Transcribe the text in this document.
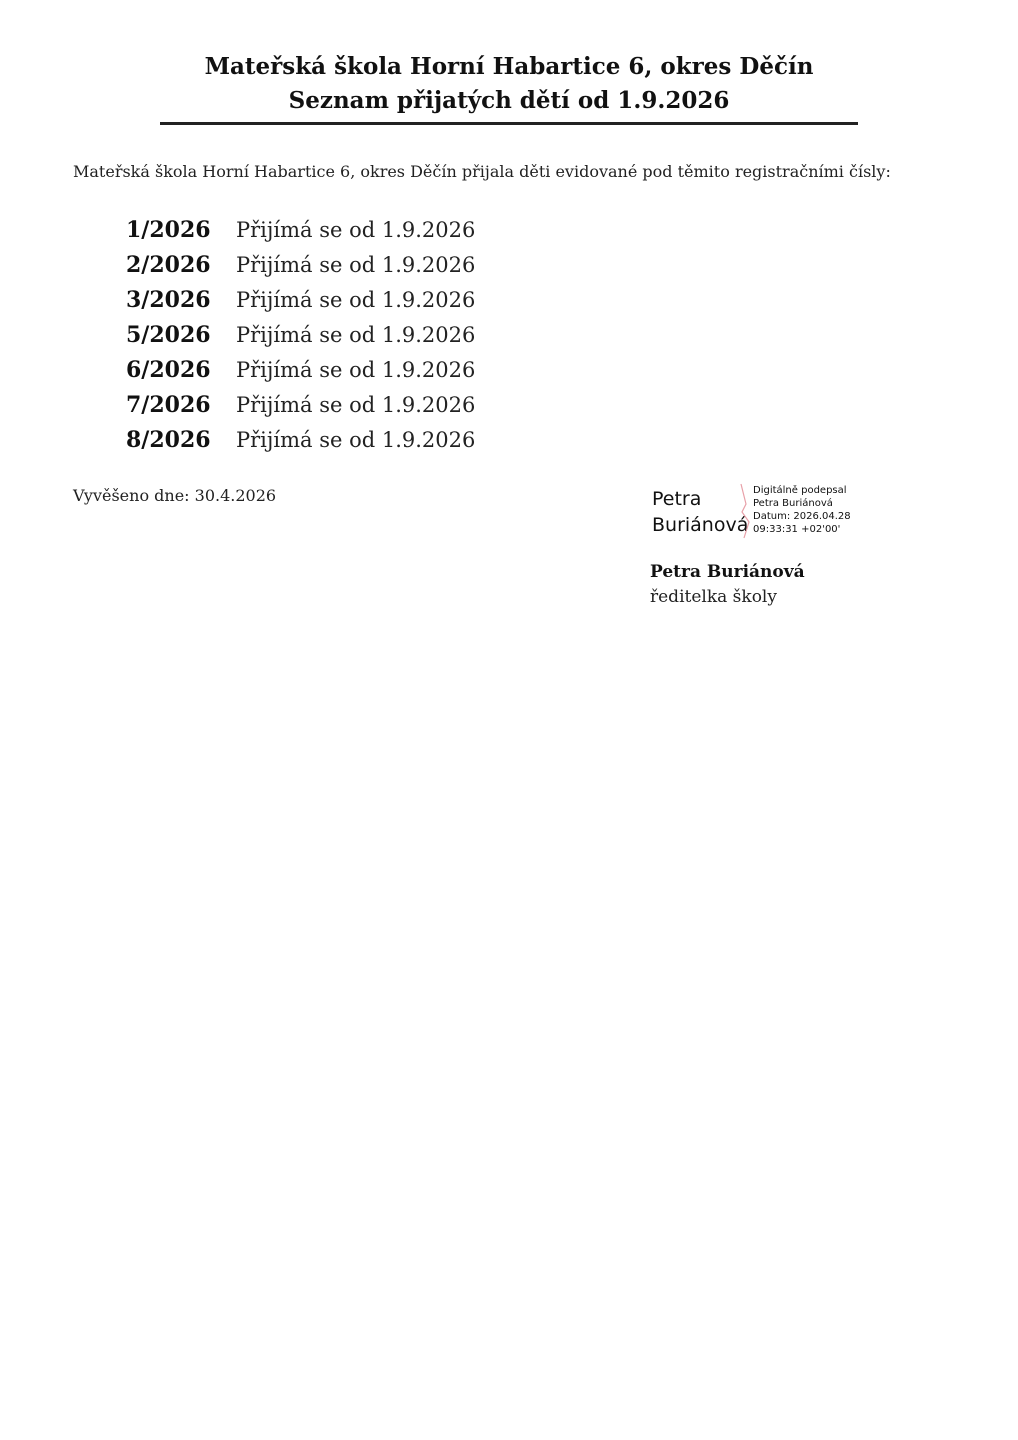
Mateřská škola Horní Habartice 6, okres Děčín
Seznam přijatých dětí od 1.9.2026
Mateřská škola Horní Habartice 6, okres Děčín přijala děti evidované pod těmito registračními čísly:
1/2026	Přijímá se od 1.9.2026
2/2026	Přijímá se od 1.9.2026
3/2026	Přijímá se od 1.9.2026
5/2026	Přijímá se od 1.9.2026
6/2026	Přijímá se od 1.9.2026
7/2026	Přijímá se od 1.9.2026
8/2026	Přijímá se od 1.9.2026
Vyvěšeno dne: 30.4.2026	Petra
Buriánová
Digitálně podepsal
Petra Buriánová
Datum: 2026.04.28
09:33:31 +02'00'
Petra Buriánová
ředitelka školy
